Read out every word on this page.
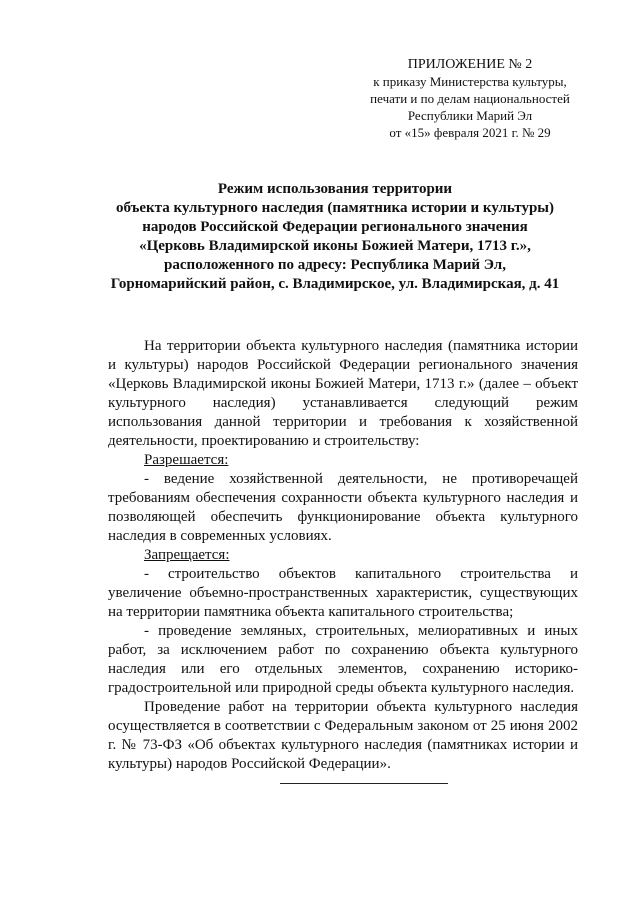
ПРИЛОЖЕНИЕ № 2
к приказу Министерства культуры,
печати и по делам национальностей
Республики Марий Эл
от «15» февраля 2021 г. № 29
Режим использования территории
объекта культурного наследия (памятника истории и культуры)
народов Российской Федерации регионального значения
«Церковь Владимирской иконы Божией Матери, 1713 г.»,
расположенного по адресу: Республика Марий Эл,
Горномарийский район, с. Владимирское, ул. Владимирская, д. 41

На территории объекта культурного наследия (памятника истории и культуры) народов Российской Федерации регионального значения «Церковь Владимирской иконы Божией Матери, 1713 г.» (далее – объект культурного наследия) устанавливается следующий режим использования данной территории и требования к хозяйственной деятельности, проектированию и строительству:

Разрешается:

- ведение хозяйственной деятельности, не противоречащей требованиям обеспечения сохранности объекта культурного наследия и позволяющей обеспечить функционирование объекта культурного наследия в современных условиях.

Запрещается:

- строительство объектов капитального строительства и увеличение объемно-пространственных характеристик, существующих на территории памятника объекта капитального строительства;

- проведение земляных, строительных, мелиоративных и иных работ, за исключением работ по сохранению объекта культурного наследия или его отдельных элементов, сохранению историко-градостроительной или природной среды объекта культурного наследия.

Проведение работ на территории объекта культурного наследия осуществляется в соответствии с Федеральным законом от 25 июня 2002 г. № 73-ФЗ «Об объектах культурного наследия (памятниках истории и культуры) народов Российской Федерации».
